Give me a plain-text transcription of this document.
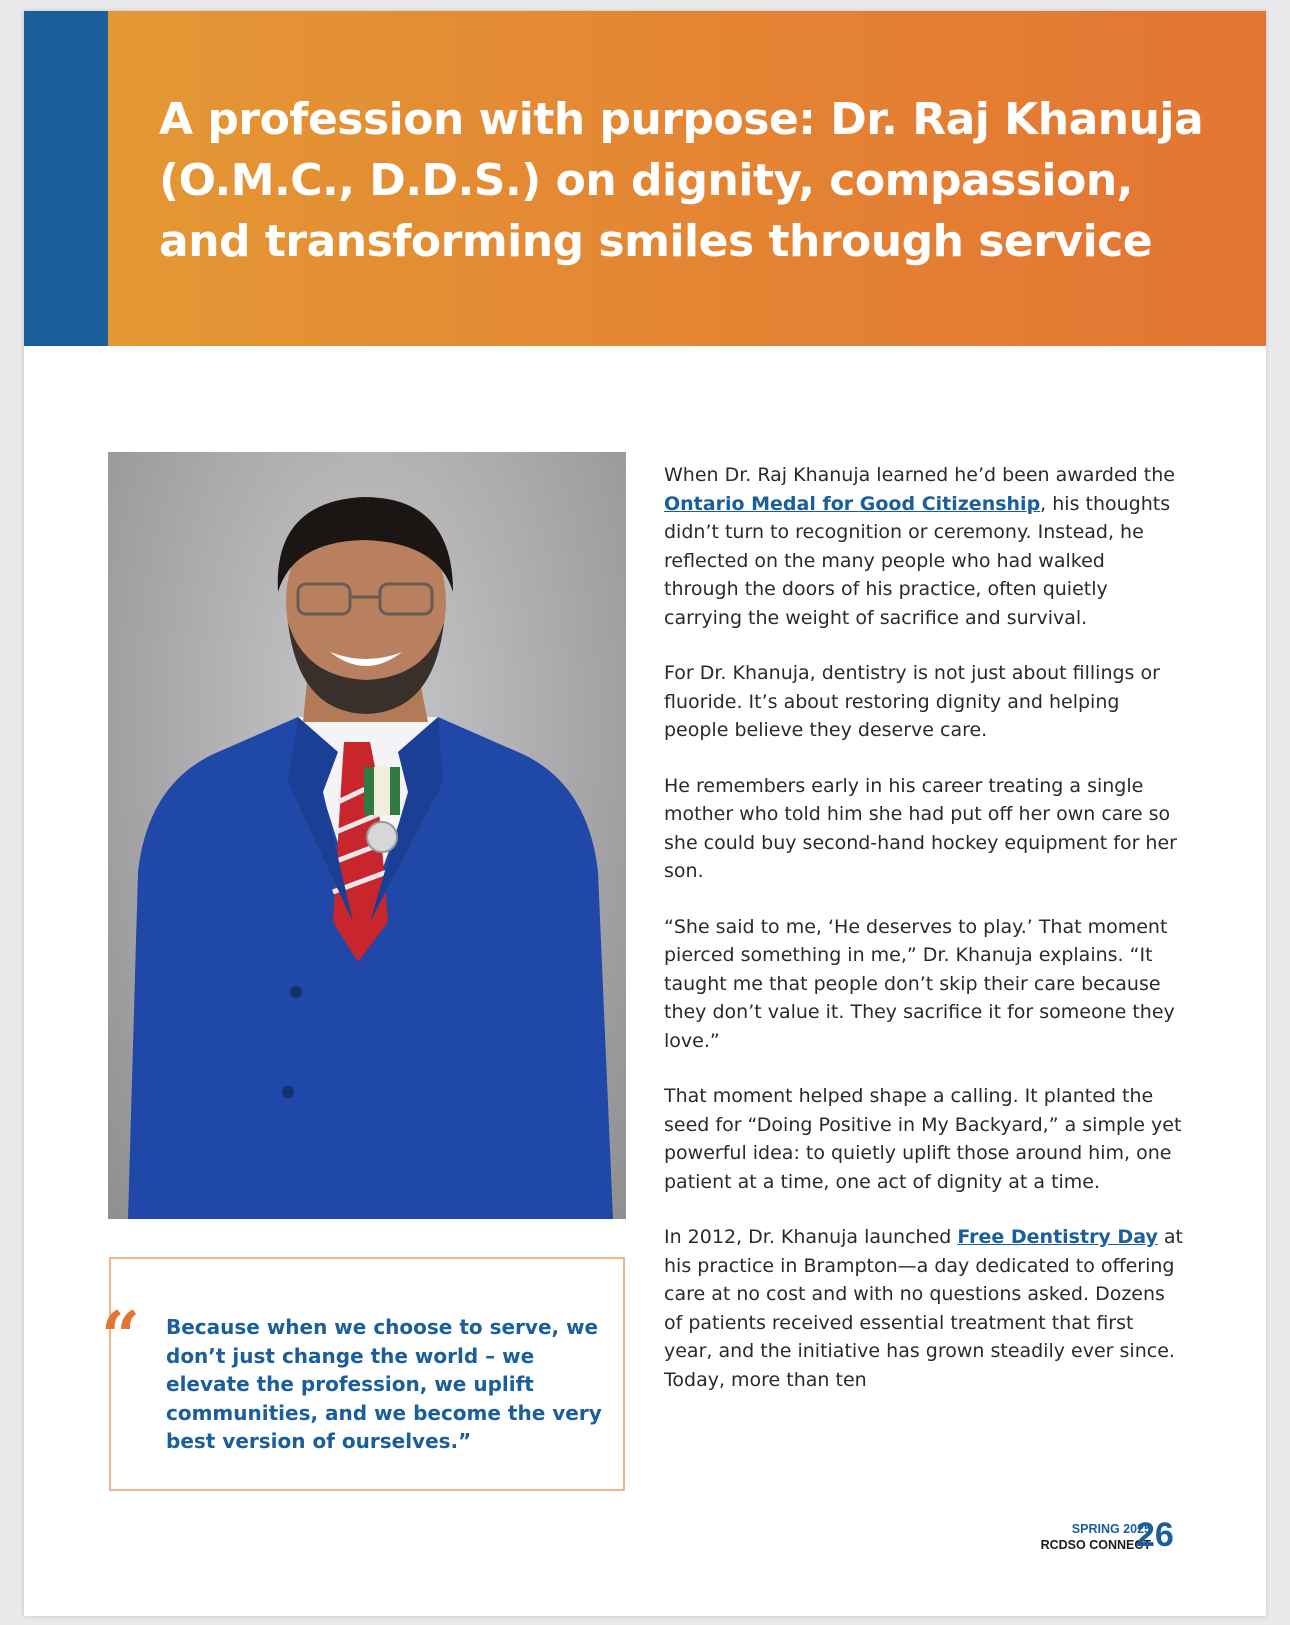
A profession with purpose: Dr. Raj Khanuja (O.M.C., D.D.S.) on dignity, compassion, and transforming smiles through service
“ Because when we choose to serve, we don’t just change the world – we elevate the profession, we uplift communities, and we become the very best version of ourselves.”

When Dr. Raj Khanuja learned he’d been awarded the Ontario Medal for Good Citizenship, his thoughts didn’t turn to recognition or ceremony. Instead, he reflected on the many people who had walked through the doors of his practice, often quietly carrying the weight of sacrifice and survival.

For Dr. Khanuja, dentistry is not just about fillings or fluoride. It’s about restoring dignity and helping people believe they deserve care.

He remembers early in his career treating a single mother who told him she had put off her own care so she could buy second-hand hockey equipment for her son.

“She said to me, ‘He deserves to play.’ That moment pierced something in me,” Dr. Khanuja explains. “It taught me that people don’t skip their care because they don’t value it. They sacrifice it for someone they love.”

That moment helped shape a calling. It planted the seed for “Doing Positive in My Backyard,” a simple yet powerful idea: to quietly uplift those around him, one patient at a time, one act of dignity at a time.

In 2012, Dr. Khanuja launched Free Dentistry Day at his practice in Brampton—a day dedicated to offering care at no cost and with no questions asked. Dozens of patients received essential treatment that first year, and the initiative has grown steadily ever since. Today, more than ten

SPRING 2025
RCDSO CONNECT
26
